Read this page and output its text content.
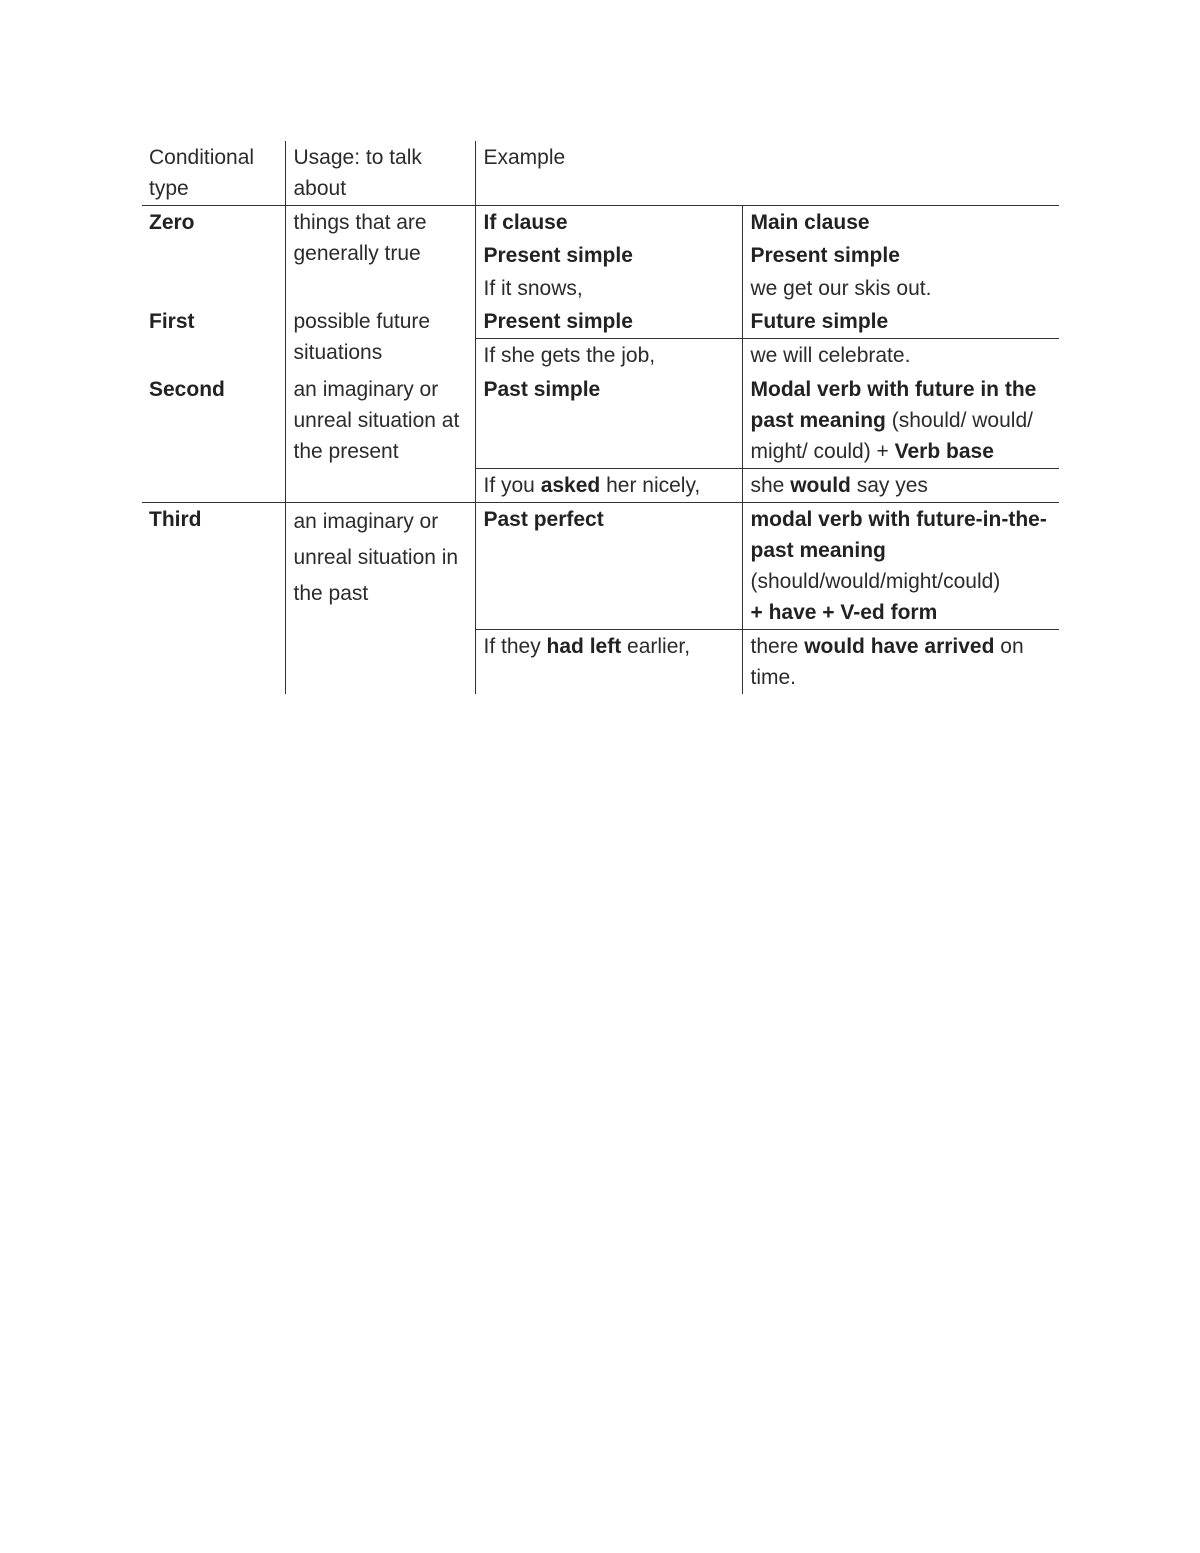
Conditional type	Usage: to talk about	Example	
Zero	things that are generally true	If clause	Main clause
		Present simple	Present simple
		If it snows,	we get our skis out.
First	possible future situations	Present simple	Future simple
		If she gets the job,	we will celebrate.
Second	an imaginary or unreal situation at the present	Past simple	Modal verb with future in the past meaning (should/ would/ might/ could) + Verb base
		If you asked her nicely,	she would say yes
Third	an imaginary or unreal situation in the past	Past perfect	modal verb with future-in-the-past meaning (should/would/might/could)
+ have + V-ed form
		If they had left earlier,	there would have arrived on time.
